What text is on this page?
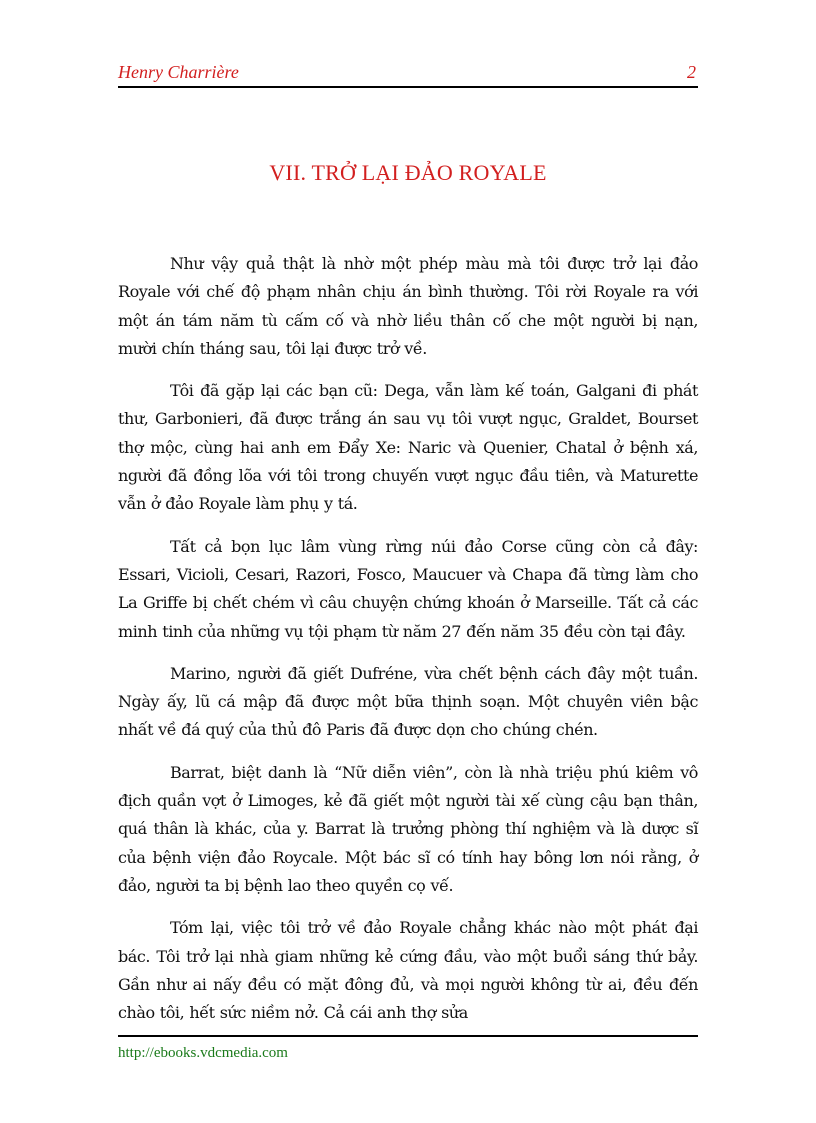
Henry Charrière	2
VII. TRỞ LẠI ĐẢO ROYALE

Như vậy quả thật là nhờ một phép màu mà tôi được trở lại đảo Royale với chế độ phạm nhân chịu án bình thường. Tôi rời Royale ra với một án tám năm tù cấm cố và nhờ liều thân cố che một người bị nạn, mười chín tháng sau, tôi lại được trở về.

Tôi đã gặp lại các bạn cũ: Dega, vẫn làm kế toán, Galgani đi phát thư, Garbonieri, đã được trắng án sau vụ tôi vượt ngục, Graldet, Bourset thợ mộc, cùng hai anh em Đẩy Xe: Naric và Quenier, Chatal ở bệnh xá, người đã đồng lõa với tôi trong chuyến vượt ngục đầu tiên, và Maturette vẫn ở đảo Royale làm phụ y tá.

Tất cả bọn lục lâm vùng rừng núi đảo Corse cũng còn cả đây: Essari, Vicioli, Cesari, Razori, Fosco, Maucuer và Chapa đã từng làm cho La Griffe bị chết chém vì câu chuyện chứng khoán ở Marseille. Tất cả các minh tinh của những vụ tội phạm từ năm 27 đến năm 35 đều còn tại đây.

Marino, người đã giết Dufréne, vừa chết bệnh cách đây một tuần. Ngày ấy, lũ cá mập đã được một bữa thịnh soạn. Một chuyên viên bậc nhất về đá quý của thủ đô Paris đã được dọn cho chúng chén.

Barrat, biệt danh là “Nữ diễn viên”, còn là nhà triệu phú kiêm vô địch quần vợt ở Limoges, kẻ đã giết một người tài xế cùng cậu bạn thân, quá thân là khác, của y. Barrat là trưởng phòng thí nghiệm và là dược sĩ của bệnh viện đảo Roycale. Một bác sĩ có tính hay bông lơn nói rằng, ở đảo, người ta bị bệnh lao theo quyền cọ vế.

Tóm lại, việc tôi trở về đảo Royale chẳng khác nào một phát đại bác. Tôi trở lại nhà giam những kẻ cứng đầu, vào một buổi sáng thứ bảy. Gần như ai nấy đều có mặt đông đủ, và mọi người không từ ai, đều đến chào tôi, hết sức niềm nở. Cả cái anh thợ sửa

http://ebooks.vdcmedia.com
